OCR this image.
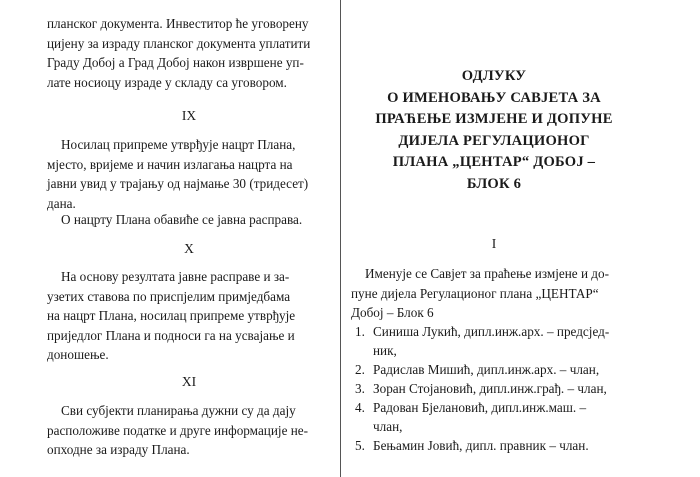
планског документа. Инвеститор ће уговорену
цијену за израду планског документа уплатити
Граду Добој а Град Добој након извршене уп-
лате носиоцу израде у складу са уговором.

IX

Носилац припреме утврђује нацрт Плана,
мјесто, вријеме и начин излагања нацрта на
јавни увид у трајању од најмање 30 (тридесет)
дана.

О нацрту Плана обавиће се јавна расправа.

X

На основу резултата јавне расправе и за-
узетих ставова по приспјелим примједбама
на нацрт Плана, носилац припреме утврђује
приједлог Плана и подноси га на усвајање и
доношење.

XI

Сви субјекти планирања дужни су да дају
расположиве податке и друге информације не-
опходне за израду Плана.

ОДЛУКУ
О ИМЕНОВАЊУ САВЈЕТА ЗА
ПРАЋЕЊЕ ИЗМЈЕНЕ И ДОПУНЕ
ДИЈЕЛА РЕГУЛАЦИОНОГ
ПЛАНА „ЦЕНТАР“ ДОБОЈ –
БЛОК 6
I

Именује се Савјет за праћење измјене и до-
пуне дијела Регулационог плана „ЦЕНТАР“
Добој – Блок 6

1. Синиша Лукић, дипл.инж.арх. – предсјед-
ник,
2. Радислав Мишић, дипл.инж.арх. – члан,
3. Зоран Стојановић, дипл.инж.грађ. – члан,
4. Радован Бјелановић, дипл.инж.маш. –
члан,
5. Бењамин Јовић, дипл. правник – члан.
